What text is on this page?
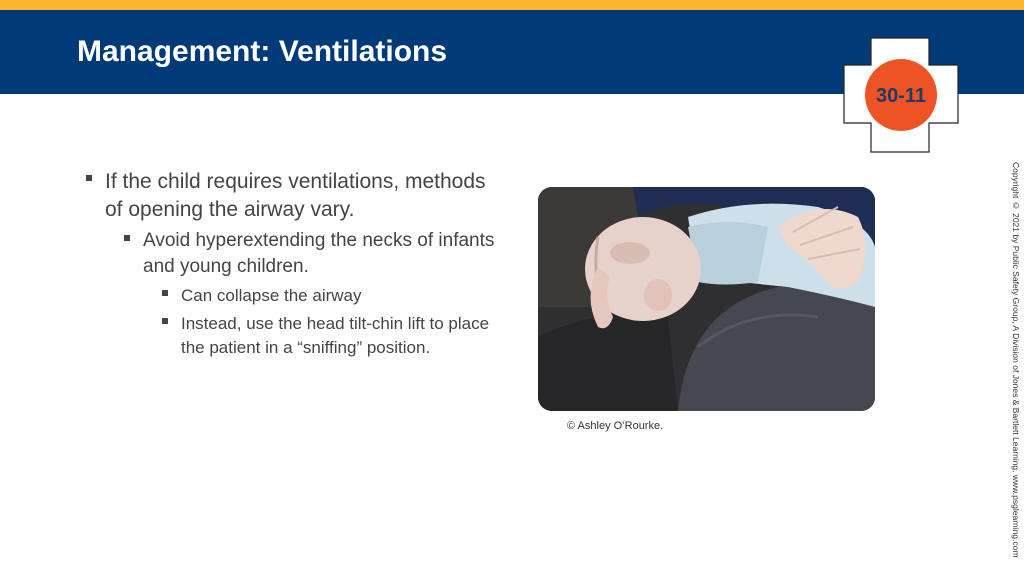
Management: Ventilations
30-11
If the child requires ventilations, methods of opening the airway vary.
Avoid hyperextending the necks of infants and young children.
Can collapse the airway
Instead, use the head tilt-chin lift to place the patient in a “sniffing” position.
© Ashley O’Rourke.	Copyright © 2021 by Public Safety Group, A Division of Jones & Bartlett Learning. www.psglearning.com
